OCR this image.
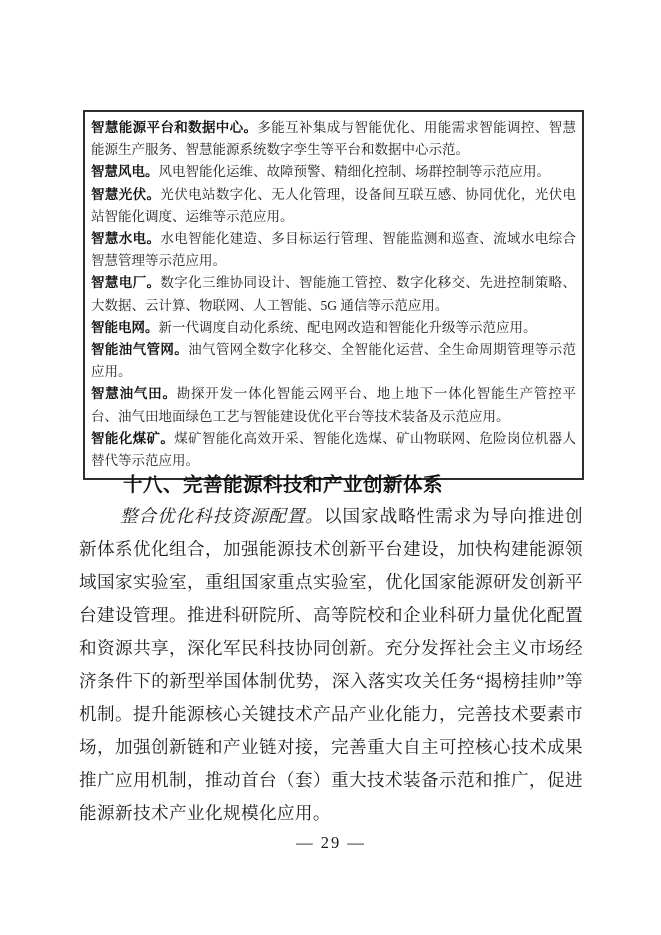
智慧能源平台和数据中心。多能互补集成与智能优化、用能需求智能调控、智慧能源生产服务、智慧能源系统数字孪生等平台和数据中心示范。
智慧风电。风电智能化运维、故障预警、精细化控制、场群控制等示范应用。
智慧光伏。光伏电站数字化、无人化管理，设备间互联互感、协同优化，光伏电站智能化调度、运维等示范应用。
智慧水电。水电智能化建造、多目标运行管理、智能监测和巡查、流域水电综合智慧管理等示范应用。
智慧电厂。数字化三维协同设计、智能施工管控、数字化移交、先进控制策略、大数据、云计算、物联网、人工智能、5G 通信等示范应用。
智能电网。新一代调度自动化系统、配电网改造和智能化升级等示范应用。
智能油气管网。油气管网全数字化移交、全智能化运营、全生命周期管理等示范应用。
智慧油气田。勘探开发一体化智能云网平台、地上地下一体化智能生产管控平台、油气田地面绿色工艺与智能建设优化平台等技术装备及示范应用。
智能化煤矿。煤矿智能化高效开采、智能化选煤、矿山物联网、危险岗位机器人替代等示范应用。
十八、完善能源科技和产业创新体系

整合优化科技资源配置。以国家战略性需求为导向推进创新体系优化组合，加强能源技术创新平台建设，加快构建能源领域国家实验室，重组国家重点实验室，优化国家能源研发创新平台建设管理。推进科研院所、高等院校和企业科研力量优化配置和资源共享，深化军民科技协同创新。充分发挥社会主义市场经济条件下的新型举国体制优势，深入落实攻关任务“揭榜挂帅”等机制。提升能源核心关键技术产品产业化能力，完善技术要素市场，加强创新链和产业链对接，完善重大自主可控核心技术成果推广应用机制，推动首台（套）重大技术装备示范和推广，促进能源新技术产业化规模化应用。

— 29 —
